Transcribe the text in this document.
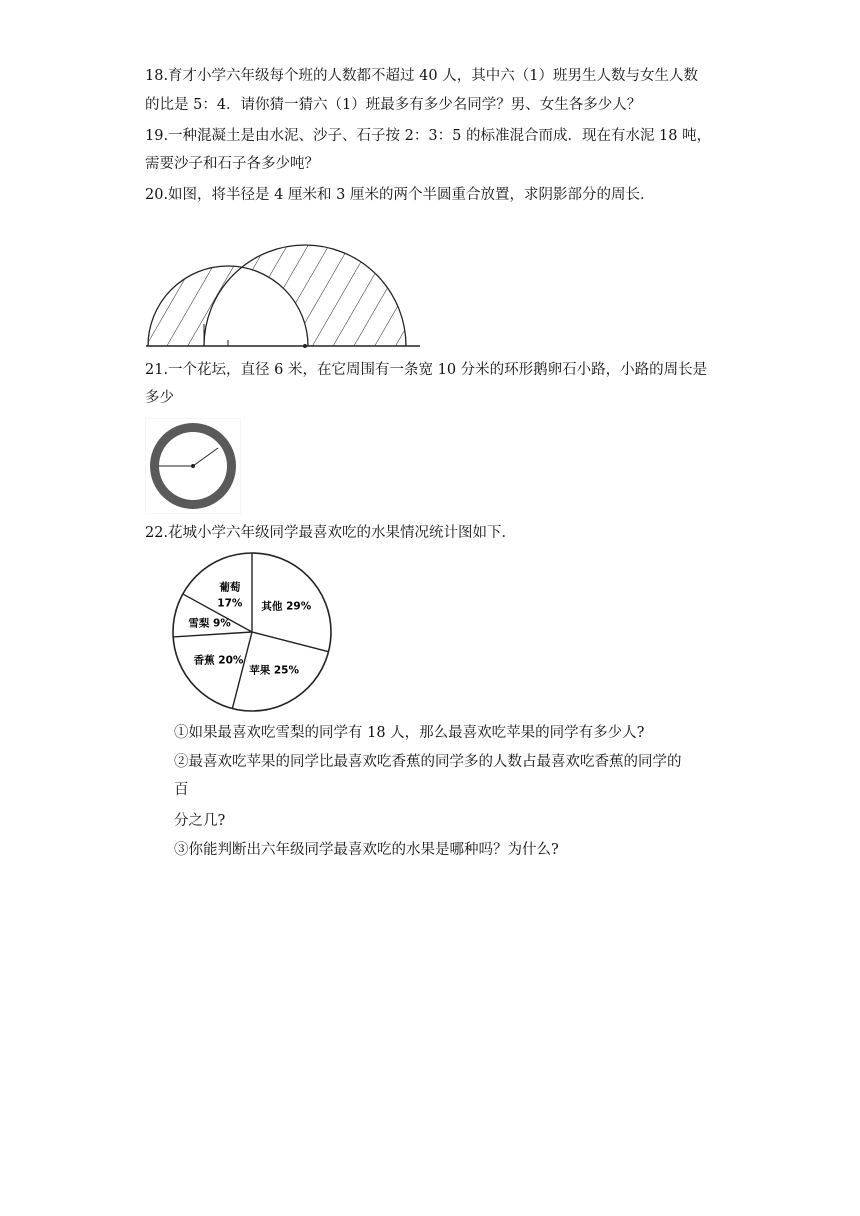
18.育才小学六年级每个班的人数都不超过 40 人，其中六（1）班男生人数与女生人数
的比是 5：4．请你猜一猜六（1）班最多有多少名同学？男、女生各多少人？
19.一种混凝土是由水泥、沙子、石子按 2：3：5 的标准混合而成．现在有水泥 18 吨，
需要沙子和石子各多少吨？
20.如图，将半径是 4 厘米和 3 厘米的两个半圆重合放置，求阴影部分的周长．
21.一个花坛，直径 6 米，在它周围有一条宽 10 分米的环形鹅卵石小路，小路的周长是
多少
22.花城小学六年级同学最喜欢吃的水果情况统计图如下．
葡萄
17% 其他 29%
苹果 25%
香蕉 20%
雪梨 9%
①如果最喜欢吃雪梨的同学有 18 人，那么最喜欢吃苹果的同学有多少人?
②最喜欢吃苹果的同学比最喜欢吃香蕉的同学多的人数占最喜欢吃香蕉的同学的
百
分之几?
③你能判断出六年级同学最喜欢吃的水果是哪种吗？为什么?
